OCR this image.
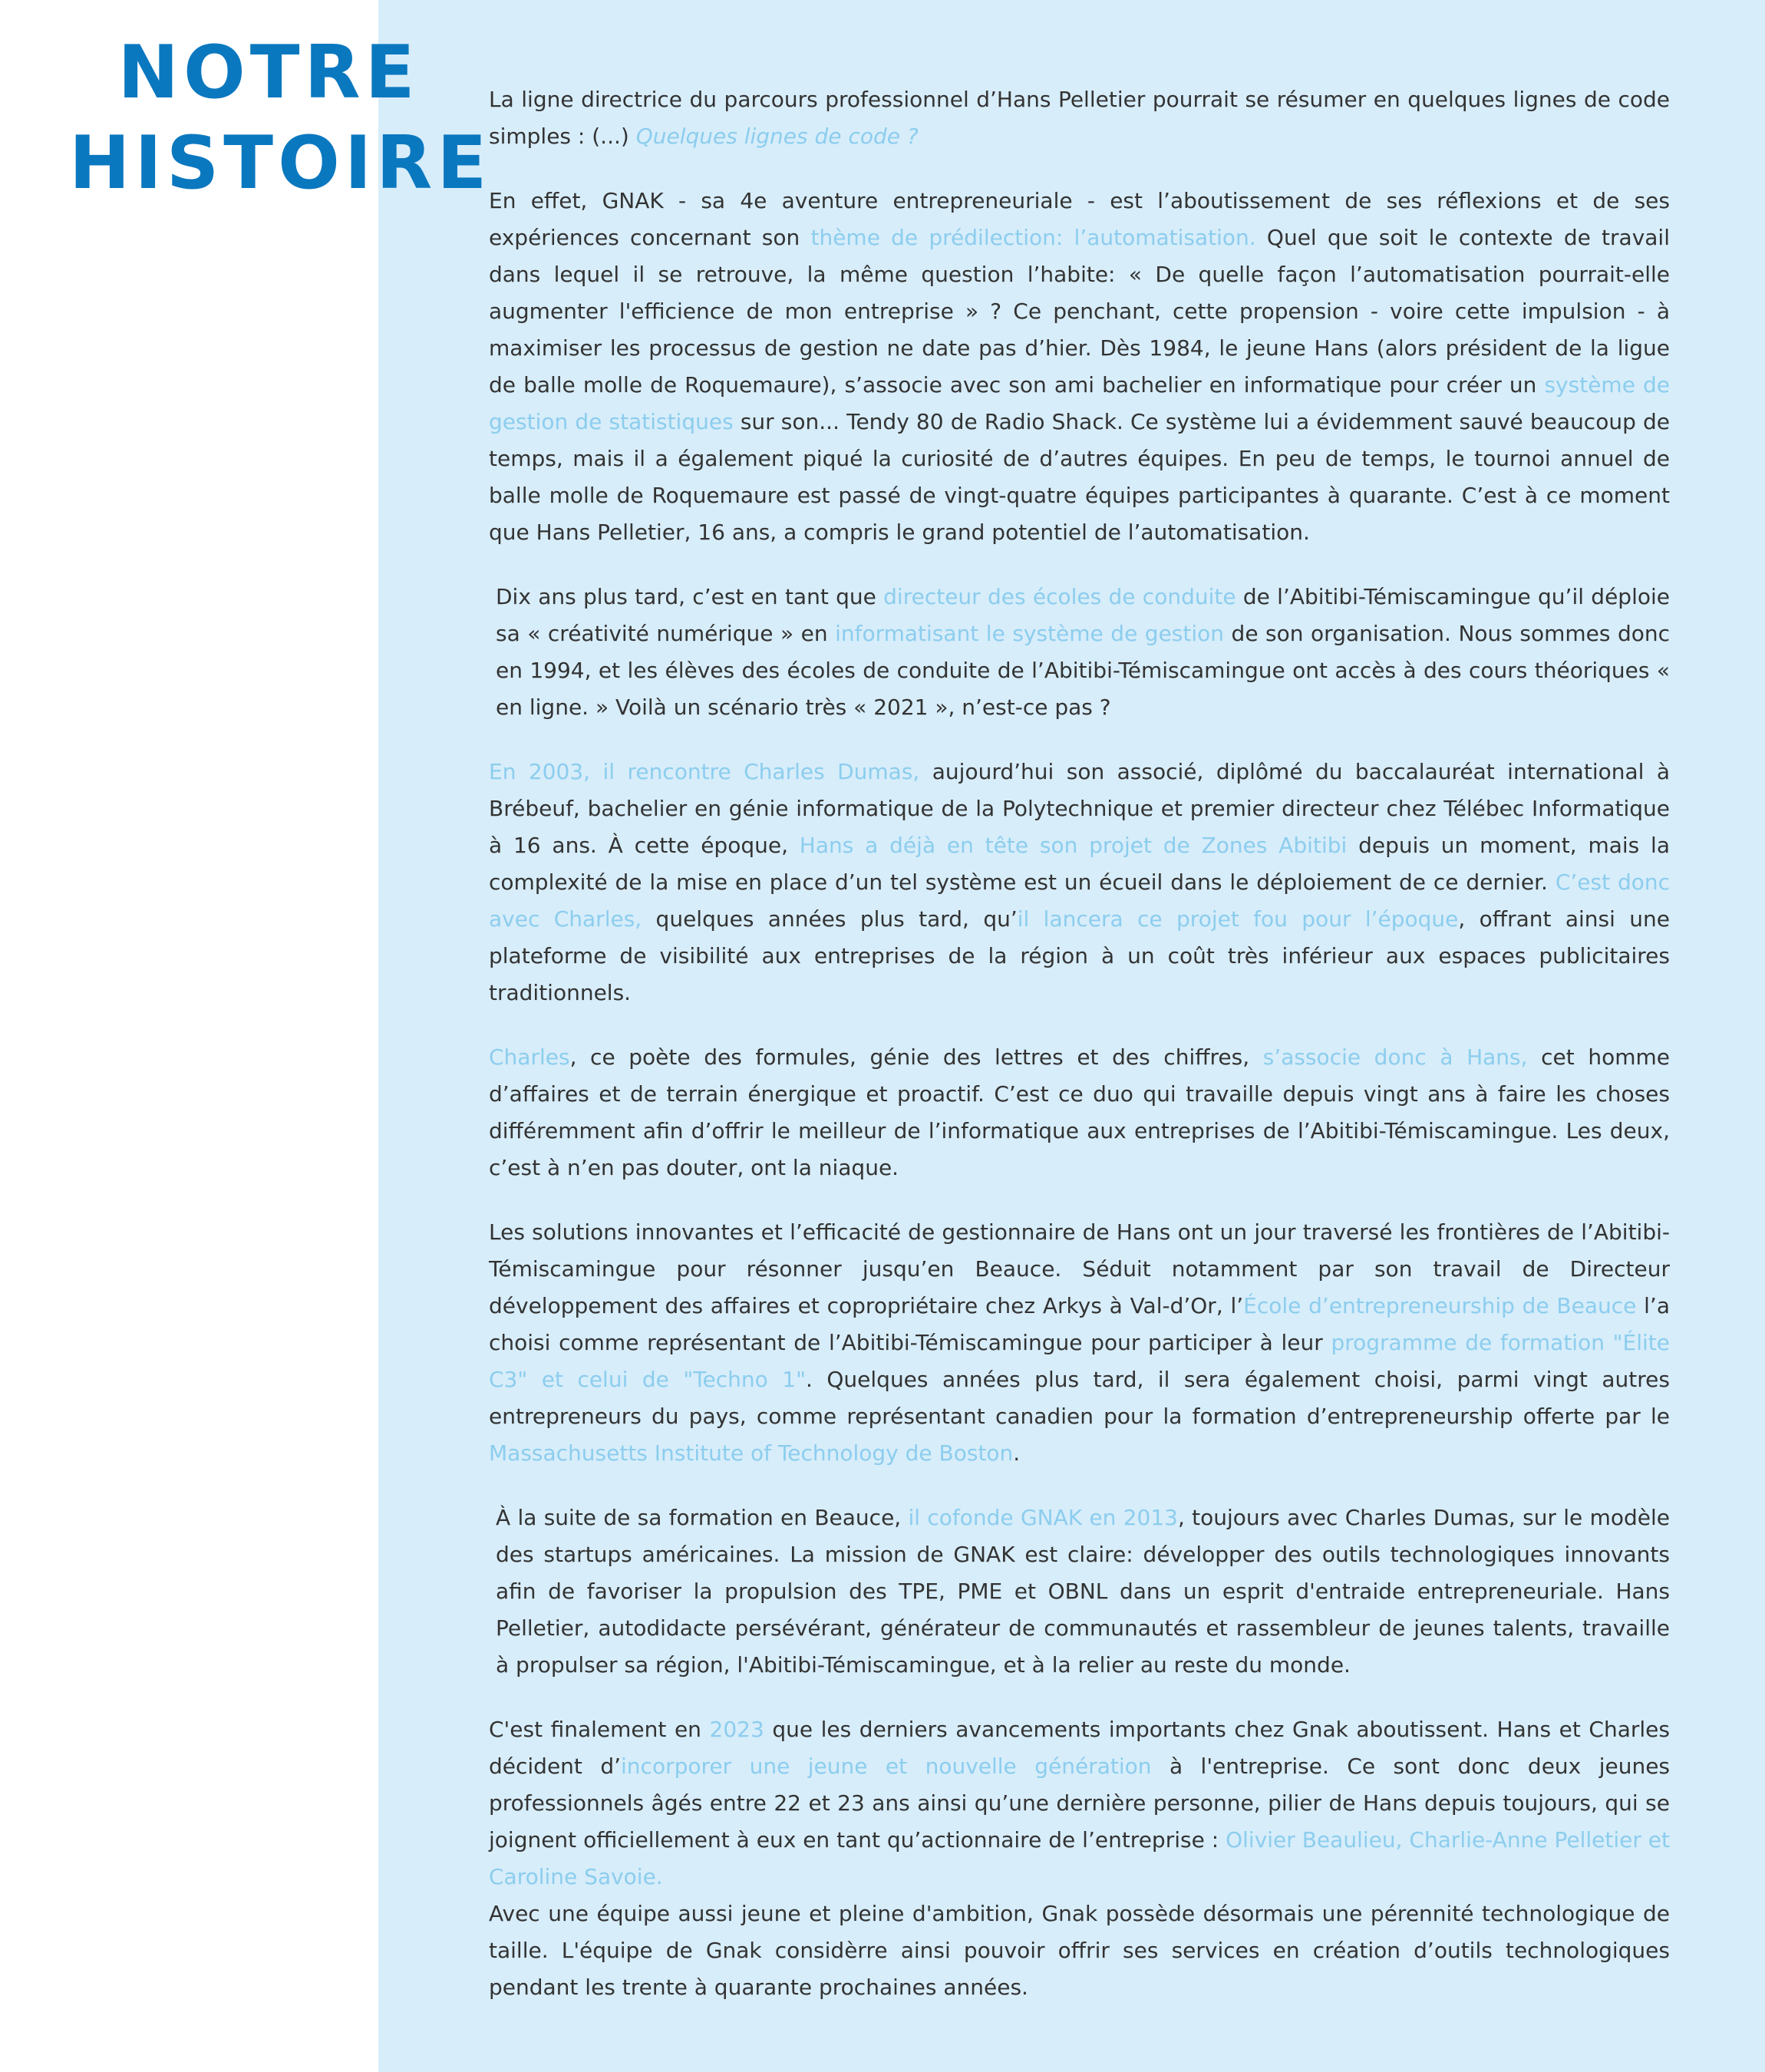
NOTRE
HISTOIRE

La ligne directrice du parcours professionnel d’Hans Pelletier pourrait se résumer en quelques lignes de code simples : (...) Quelques lignes de code ?

En effet, GNAK - sa 4e aventure entrepreneuriale - est l’aboutissement de ses réflexions et de ses expériences concernant son thème de prédilection: l’automatisation. Quel que soit le contexte de travail dans lequel il se retrouve, la même question l’habite: « De quelle façon l’automatisation pourrait-elle augmenter l'efficience de mon entreprise » ? Ce penchant, cette propension - voire cette impulsion - à maximiser les processus de gestion ne date pas d’hier. Dès 1984, le jeune Hans (alors président de la ligue de balle molle de Roquemaure), s’associe avec son ami bachelier en informatique pour créer un système de gestion de statistiques sur son... Tendy 80 de Radio Shack. Ce système lui a évidemment sauvé beaucoup de temps, mais il a également piqué la curiosité de d’autres équipes. En peu de temps, le tournoi annuel de balle molle de Roquemaure est passé de vingt-quatre équipes participantes à quarante. C’est à ce moment que Hans Pelletier, 16 ans, a compris le grand potentiel de l’automatisation.

Dix ans plus tard, c’est en tant que directeur des écoles de conduite de l’Abitibi-Témiscamingue qu’il déploie sa « créativité numérique » en informatisant le système de gestion de son organisation. Nous sommes donc en 1994, et les élèves des écoles de conduite de l’Abitibi-Témiscamingue ont accès à des cours théoriques « en ligne. » Voilà un scénario très « 2021 », n’est-ce pas ?

En 2003, il rencontre Charles Dumas, aujourd’hui son associé, diplômé du baccalauréat international à Brébeuf, bachelier en génie informatique de la Polytechnique et premier directeur chez Télébec Informatique à 16 ans. À cette époque, Hans a déjà en tête son projet de Zones Abitibi depuis un moment, mais la complexité de la mise en place d’un tel système est un écueil dans le déploiement de ce dernier. C’est donc avec Charles, quelques années plus tard, qu’il lancera ce projet fou pour l’époque, offrant ainsi une plateforme de visibilité aux entreprises de la région à un coût très inférieur aux espaces publicitaires traditionnels.

Charles, ce poète des formules, génie des lettres et des chiffres, s’associe donc à Hans, cet homme d’affaires et de terrain énergique et proactif. C’est ce duo qui travaille depuis vingt ans à faire les choses différemment afin d’offrir le meilleur de l’informatique aux entreprises de l’Abitibi-Témiscamingue. Les deux, c’est à n’en pas douter, ont la niaque.

Les solutions innovantes et l’efficacité de gestionnaire de Hans ont un jour traversé les frontières de l’Abitibi-Témiscamingue pour résonner jusqu’en Beauce. Séduit notamment par son travail de Directeur développement des affaires et copropriétaire chez Arkys à Val-d’Or, l’École d’entrepreneurship de Beauce l’a choisi comme représentant de l’Abitibi-Témiscamingue pour participer à leur programme de formation "Élite C3" et celui de "Techno 1". Quelques années plus tard, il sera également choisi, parmi vingt autres entrepreneurs du pays, comme représentant canadien pour la formation d’entrepreneurship offerte par le Massachusetts Institute of Technology de Boston.

À la suite de sa formation en Beauce, il cofonde GNAK en 2013, toujours avec Charles Dumas, sur le modèle des startups américaines. La mission de GNAK est claire: développer des outils technologiques innovants afin de favoriser la propulsion des TPE, PME et OBNL dans un esprit d'entraide entrepreneuriale. Hans Pelletier, autodidacte persévérant, générateur de communautés et rassembleur de jeunes talents, travaille à propulser sa région, l'Abitibi-Témiscamingue, et à la relier au reste du monde.

C'est finalement en 2023 que les derniers avancements importants chez Gnak aboutissent. Hans et Charles décident d’incorporer une jeune et nouvelle génération à l'entreprise. Ce sont donc deux jeunes professionnels âgés entre 22 et 23 ans ainsi qu’une dernière personne, pilier de Hans depuis toujours, qui se joignent officiellement à eux en tant qu’actionnaire de l’entreprise : Olivier Beaulieu, Charlie-Anne Pelletier et Caroline Savoie.

Avec une équipe aussi jeune et pleine d'ambition, Gnak possède désormais une pérennité technologique de taille. L'équipe de Gnak considèrre ainsi pouvoir offrir ses services en création d’outils technologiques pendant les trente à quarante prochaines années.
